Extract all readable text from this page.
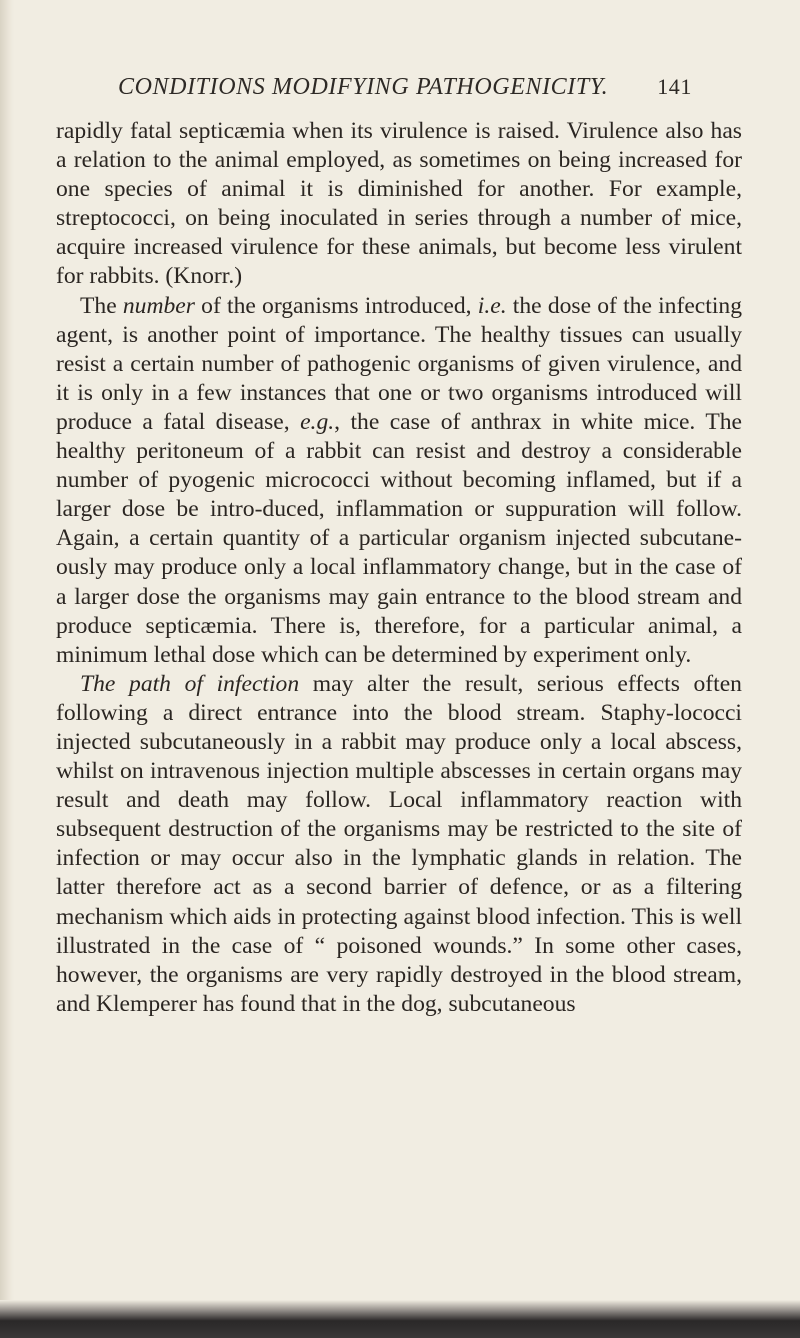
CONDITIONS MODIFYING PATHOGENICITY. 141

rapidly fatal septicæmia when its virulence is raised. Virulence also has a relation to the animal employed, as sometimes on being increased for one species of animal it is diminished for another. For example, streptococci, on being inoculated in series through a number of mice, acquire increased virulence for these animals, but become less virulent for rabbits. (Knorr.)

The number of the organisms introduced, i.e. the dose of the infecting agent, is another point of importance. The healthy tissues can usually resist a certain number of pathogenic organisms of given virulence, and it is only in a few instances that one or two organisms introduced will produce a fatal disease, e.g., the case of anthrax in white mice. The healthy peritoneum of a rabbit can resist and destroy a considerable number of pyogenic micrococci without becoming inflamed, but if a larger dose be intro-duced, inflammation or suppuration will follow. Again, a certain quantity of a particular organism injected subcutane-ously may produce only a local inflammatory change, but in the case of a larger dose the organisms may gain entrance to the blood stream and produce septicæmia. There is, therefore, for a particular animal, a minimum lethal dose which can be determined by experiment only.

The path of infection may alter the result, serious effects often following a direct entrance into the blood stream. Staphy-lococci injected subcutaneously in a rabbit may produce only a local abscess, whilst on intravenous injection multiple abscesses in certain organs may result and death may follow. Local inflammatory reaction with subsequent destruction of the organisms may be restricted to the site of infection or may occur also in the lymphatic glands in relation. The latter therefore act as a second barrier of defence, or as a filtering mechanism which aids in protecting against blood infection. This is well illustrated in the case of “ poisoned wounds.” In some other cases, however, the organisms are very rapidly destroyed in the blood stream, and Klemperer has found that in the dog, subcutaneous
